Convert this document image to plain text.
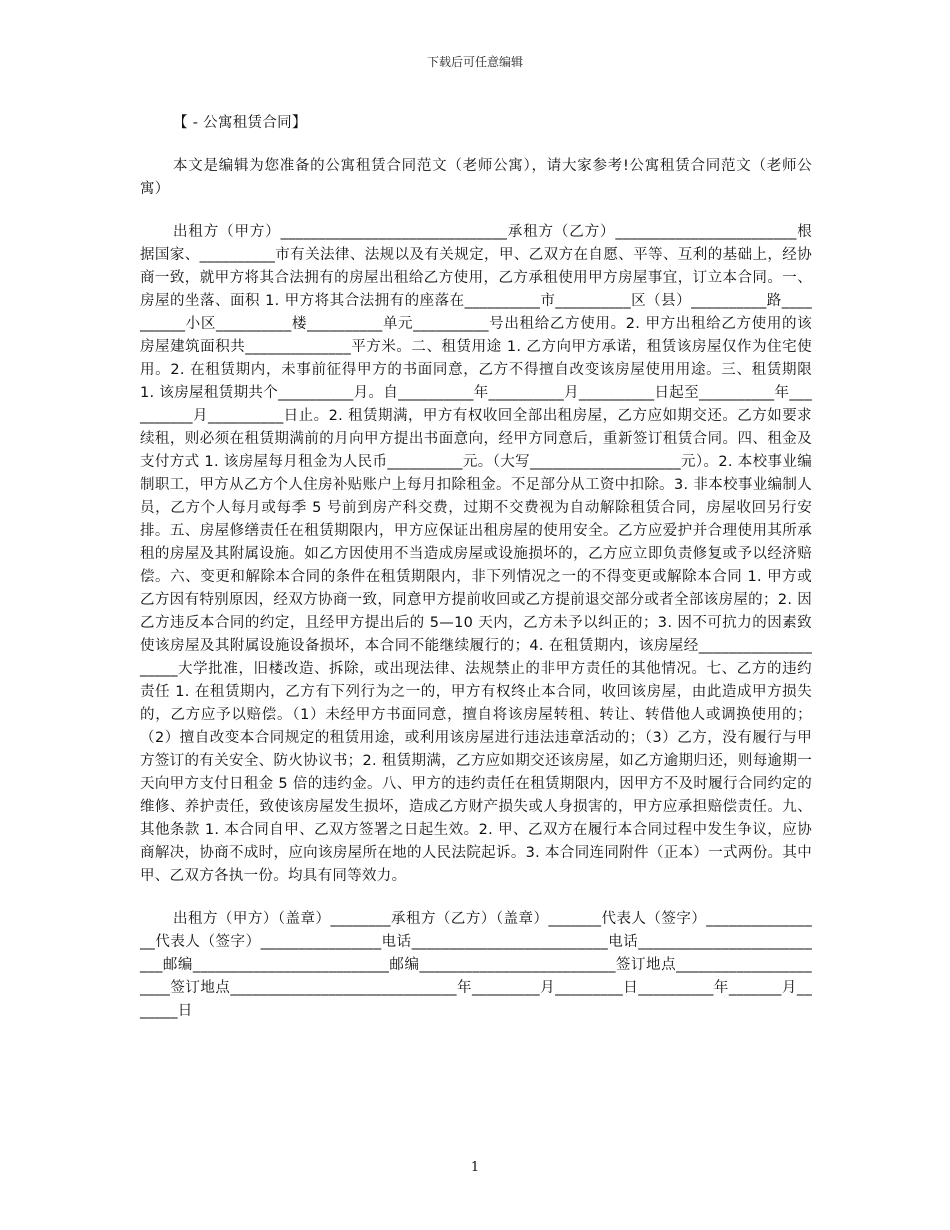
下载后可任意编辑

【 - 公寓租赁合同】

本文是编辑为您准备的公寓租赁合同范文（老师公寓），请大家参考!公寓租赁合同范文（老师公寓）

出租方（甲方）______________________________承租方（乙方）________________________根据国家、__________市有关法律、法规以及有关规定，甲、乙双方在自愿、平等、互利的基础上，经协商一致，就甲方将其合法拥有的房屋出租给乙方使用，乙方承租使用甲方房屋事宜，订立本合同。一、房屋的坐落、面积 1. 甲方将其合法拥有的座落在__________市__________区（县）__________路__________小区__________楼__________单元__________号出租给乙方使用。2. 甲方出租给乙方使用的该房屋建筑面积共______________平方米。二、租赁用途 1. 乙方向甲方承诺，租赁该房屋仅作为住宅使用。2. 在租赁期内，未事前征得甲方的书面同意，乙方不得擅自改变该房屋使用用途。三、租赁期限 1. 该房屋租赁期共个__________月。自__________年__________月__________日起至__________年__________月__________日止。2. 租赁期满，甲方有权收回全部出租房屋，乙方应如期交还。乙方如要求续租，则必须在租赁期满前的月向甲方提出书面意向，经甲方同意后，重新签订租赁合同。四、租金及支付方式 1. 该房屋每月租金为人民币__________元。（大写____________________元）。2. 本校事业编制职工，甲方从乙方个人住房补贴账户上每月扣除租金。不足部分从工资中扣除。3. 非本校事业编制人员，乙方个人每月或每季 5 号前到房产科交费，过期不交费视为自动解除租赁合同，房屋收回另行安排。五、房屋修缮责任在租赁期限内，甲方应保证出租房屋的使用安全。乙方应爱护并合理使用其所承租的房屋及其附属设施。如乙方因使用不当造成房屋或设施损坏的，乙方应立即负责修复或予以经济赔偿。六、变更和解除本合同的条件在租赁期限内，非下列情况之一的不得变更或解除本合同 1. 甲方或乙方因有特别原因，经双方协商一致，同意甲方提前收回或乙方提前退交部分或者全部该房屋的；2. 因乙方违反本合同的约定，且经甲方提出后的 5—10 天内，乙方未予以纠正的；3. 因不可抗力的因素致使该房屋及其附属设施设备损坏，本合同不能继续履行的；4. 在租赁期内，该房屋经____________________大学批准，旧楼改造、拆除，或出现法律、法规禁止的非甲方责任的其他情况。七、乙方的违约责任 1. 在租赁期内，乙方有下列行为之一的，甲方有权终止本合同，收回该房屋，由此造成甲方损失的，乙方应予以赔偿。（1）未经甲方书面同意，擅自将该房屋转租、转让、转借他人或调换使用的；（2）擅自改变本合同规定的租赁用途，或利用该房屋进行违法违章活动的；（3）乙方，没有履行与甲方签订的有关安全、防火协议书；2. 租赁期满，乙方应如期交还该房屋，如乙方逾期归还，则每逾期一天向甲方支付日租金 5 倍的违约金。八、甲方的违约责任在租赁期限内，因甲方不及时履行合同约定的维修、养护责任，致使该房屋发生损坏，造成乙方财产损失或人身损害的，甲方应承担赔偿责任。九、其他条款 1. 本合同自甲、乙双方签署之日起生效。2. 甲、乙双方在履行本合同过程中发生争议，应协商解决，协商不成时，应向该房屋所在地的人民法院起诉。3. 本合同连同附件（正本）一式两份。其中甲、乙双方各执一份。均具有同等效力。

出租方（甲方）（盖章）________承租方（乙方）（盖章）_______代表人（签字）________________代表人（签字）________________电话__________________________电话__________________________邮编__________________________邮编__________________________签订地点______________________签订地点______________________________年_________月_________日__________年_______月_______日

1
